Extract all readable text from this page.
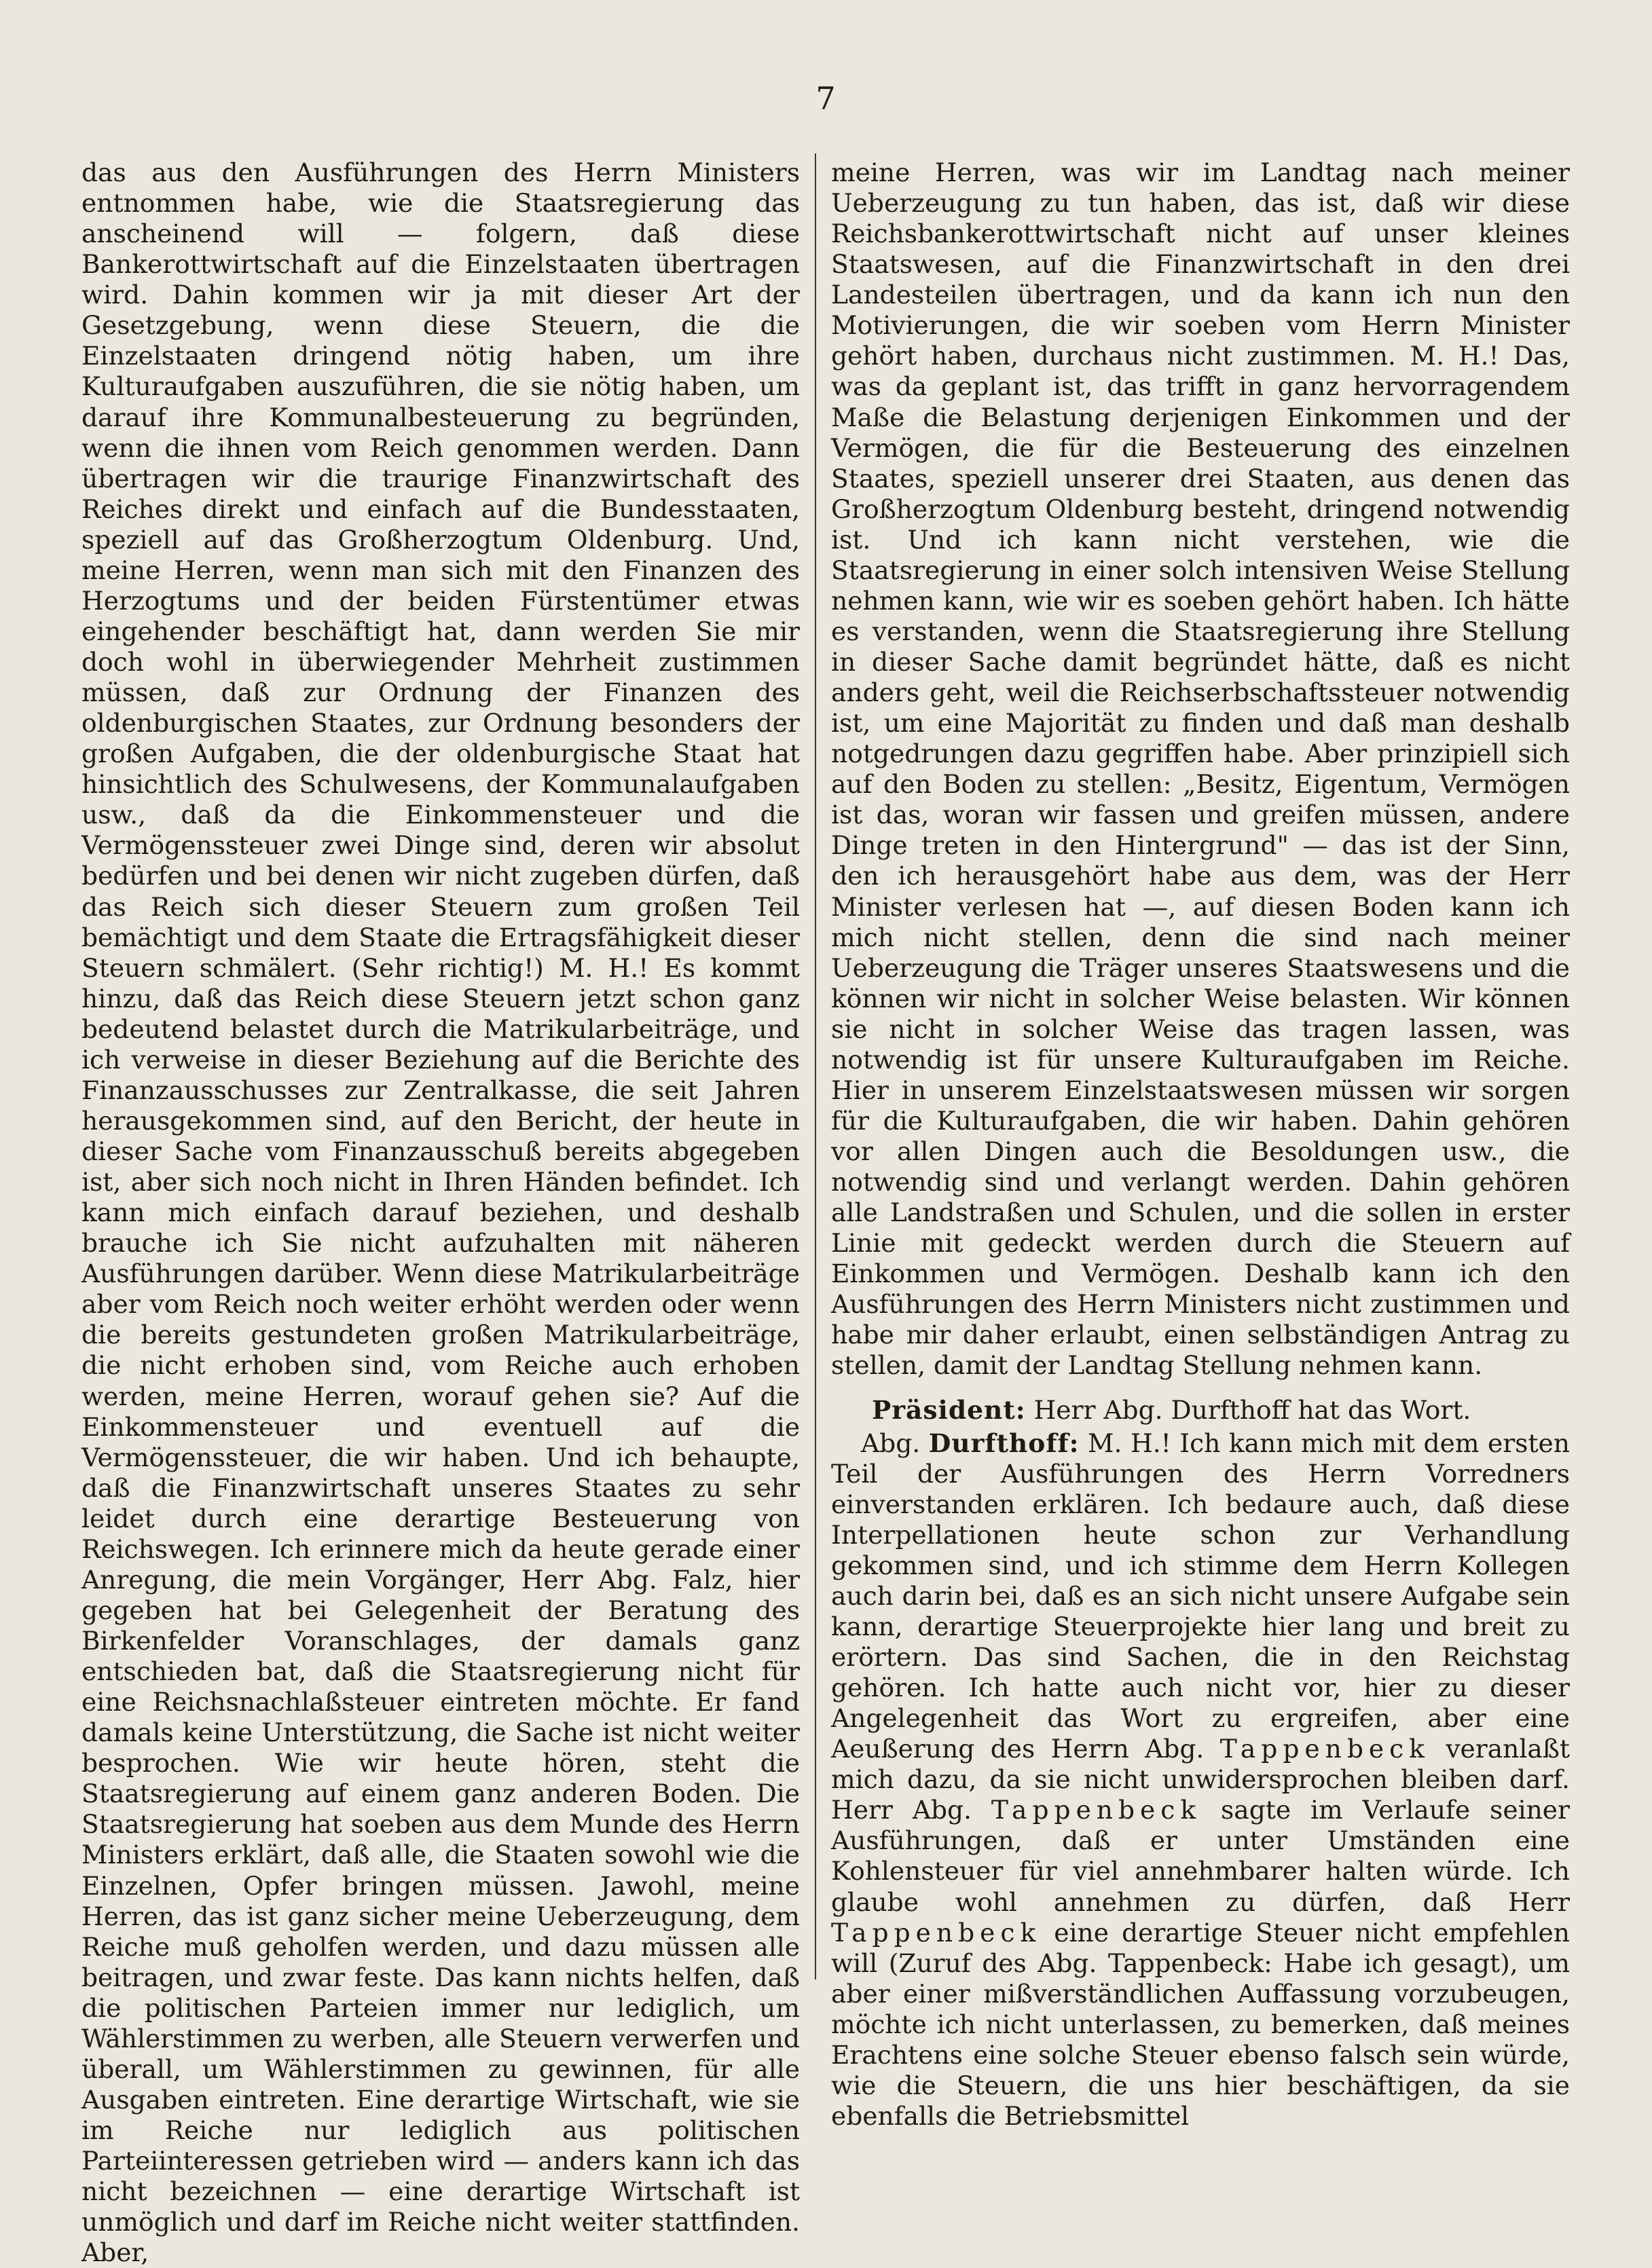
7

das aus den Ausführungen des Herrn Ministers entnommen habe, wie die Staatsregierung das anscheinend will — folgern, daß diese Bankerottwirtschaft auf die Einzelstaaten übertragen wird. Dahin kommen wir ja mit dieser Art der Gesetzgebung, wenn diese Steuern, die die Einzelstaaten dringend nötig haben, um ihre Kulturaufgaben auszuführen, die sie nötig haben, um darauf ihre Kommunalbesteuerung zu begründen, wenn die ihnen vom Reich genommen werden. Dann übertragen wir die traurige Finanzwirtschaft des Reiches direkt und einfach auf die Bundesstaaten, speziell auf das Großherzogtum Oldenburg. Und, meine Herren, wenn man sich mit den Finanzen des Herzogtums und der beiden Fürstentümer etwas eingehender beschäftigt hat, dann werden Sie mir doch wohl in überwiegender Mehrheit zustimmen müssen, daß zur Ordnung der Finanzen des oldenburgischen Staates, zur Ordnung besonders der großen Aufgaben, die der oldenburgische Staat hat hinsichtlich des Schulwesens, der Kommunalaufgaben usw., daß da die Einkommensteuer und die Vermögenssteuer zwei Dinge sind, deren wir absolut bedürfen und bei denen wir nicht zugeben dürfen, daß das Reich sich dieser Steuern zum großen Teil bemächtigt und dem Staate die Ertragsfähigkeit dieser Steuern schmälert. (Sehr richtig!) M. H.! Es kommt hinzu, daß das Reich diese Steuern jetzt schon ganz bedeutend belastet durch die Matrikularbeiträge, und ich verweise in dieser Beziehung auf die Berichte des Finanzausschusses zur Zentralkasse, die seit Jahren herausgekommen sind, auf den Bericht, der heute in dieser Sache vom Finanzausschuß bereits abgegeben ist, aber sich noch nicht in Ihren Händen befindet. Ich kann mich einfach darauf beziehen, und deshalb brauche ich Sie nicht aufzuhalten mit näheren Ausführungen darüber. Wenn diese Matrikularbeiträge aber vom Reich noch weiter erhöht werden oder wenn die bereits gestundeten großen Matrikularbeiträge, die nicht erhoben sind, vom Reiche auch erhoben werden, meine Herren, worauf gehen sie? Auf die Einkommensteuer und eventuell auf die Vermögenssteuer, die wir haben. Und ich behaupte, daß die Finanzwirtschaft unseres Staates zu sehr leidet durch eine derartige Besteuerung von Reichswegen. Ich erinnere mich da heute gerade einer Anregung, die mein Vorgänger, Herr Abg. Falz, hier gegeben hat bei Gelegenheit der Beratung des Birkenfelder Voranschlages, der damals ganz entschieden bat, daß die Staatsregierung nicht für eine Reichsnachlaßsteuer eintreten möchte. Er fand damals keine Unterstützung, die Sache ist nicht weiter besprochen. Wie wir heute hören, steht die Staatsregierung auf einem ganz anderen Boden. Die Staatsregierung hat soeben aus dem Munde des Herrn Ministers erklärt, daß alle, die Staaten sowohl wie die Einzelnen, Opfer bringen müssen. Jawohl, meine Herren, das ist ganz sicher meine Ueberzeugung, dem Reiche muß geholfen werden, und dazu müssen alle beitragen, und zwar feste. Das kann nichts helfen, daß die politischen Parteien immer nur lediglich, um Wählerstimmen zu werben, alle Steuern verwerfen und überall, um Wählerstimmen zu gewinnen, für alle Ausgaben eintreten. Eine derartige Wirtschaft, wie sie im Reiche nur lediglich aus politischen Parteiinteressen getrieben wird — anders kann ich das nicht bezeichnen — eine derartige Wirtschaft ist unmöglich und darf im Reiche nicht weiter stattfinden. Aber,

meine Herren, was wir im Landtag nach meiner Ueberzeugung zu tun haben, das ist, daß wir diese Reichsbankerottwirtschaft nicht auf unser kleines Staatswesen, auf die Finanzwirtschaft in den drei Landesteilen übertragen, und da kann ich nun den Motivierungen, die wir soeben vom Herrn Minister gehört haben, durchaus nicht zustimmen. M. H.! Das, was da geplant ist, das trifft in ganz hervorragendem Maße die Belastung derjenigen Einkommen und der Vermögen, die für die Besteuerung des einzelnen Staates, speziell unserer drei Staaten, aus denen das Großherzogtum Oldenburg besteht, dringend notwendig ist. Und ich kann nicht verstehen, wie die Staatsregierung in einer solch intensiven Weise Stellung nehmen kann, wie wir es soeben gehört haben. Ich hätte es verstanden, wenn die Staatsregierung ihre Stellung in dieser Sache damit begründet hätte, daß es nicht anders geht, weil die Reichserbschaftssteuer notwendig ist, um eine Majorität zu finden und daß man deshalb notgedrungen dazu gegriffen habe. Aber prinzipiell sich auf den Boden zu stellen: „Besitz, Eigentum, Vermögen ist das, woran wir fassen und greifen müssen, andere Dinge treten in den Hintergrund" — das ist der Sinn, den ich herausgehört habe aus dem, was der Herr Minister verlesen hat —, auf diesen Boden kann ich mich nicht stellen, denn die sind nach meiner Ueberzeugung die Träger unseres Staatswesens und die können wir nicht in solcher Weise belasten. Wir können sie nicht in solcher Weise das tragen lassen, was notwendig ist für unsere Kulturaufgaben im Reiche. Hier in unserem Einzelstaatswesen müssen wir sorgen für die Kulturaufgaben, die wir haben. Dahin gehören vor allen Dingen auch die Besoldungen usw., die notwendig sind und verlangt werden. Dahin gehören alle Landstraßen und Schulen, und die sollen in erster Linie mit gedeckt werden durch die Steuern auf Einkommen und Vermögen. Deshalb kann ich den Ausführungen des Herrn Ministers nicht zustimmen und habe mir daher erlaubt, einen selbständigen Antrag zu stellen, damit der Landtag Stellung nehmen kann.

Präsident: Herr Abg. Durfthoff hat das Wort.

Abg. Durfthoff: M. H.! Ich kann mich mit dem ersten Teil der Ausführungen des Herrn Vorredners einverstanden erklären. Ich bedaure auch, daß diese Interpellationen heute schon zur Verhandlung gekommen sind, und ich stimme dem Herrn Kollegen auch darin bei, daß es an sich nicht unsere Aufgabe sein kann, derartige Steuerprojekte hier lang und breit zu erörtern. Das sind Sachen, die in den Reichstag gehören. Ich hatte auch nicht vor, hier zu dieser Angelegenheit das Wort zu ergreifen, aber eine Aeußerung des Herrn Abg. Tappenbeck veranlaßt mich dazu, da sie nicht unwidersprochen bleiben darf. Herr Abg. Tappenbeck sagte im Verlaufe seiner Ausführungen, daß er unter Umständen eine Kohlensteuer für viel annehmbarer halten würde. Ich glaube wohl annehmen zu dürfen, daß Herr Tappenbeck eine derartige Steuer nicht empfehlen will (Zuruf des Abg. Tappenbeck: Habe ich gesagt), um aber einer mißverständlichen Auffassung vorzubeugen, möchte ich nicht unterlassen, zu bemerken, daß meines Erachtens eine solche Steuer ebenso falsch sein würde, wie die Steuern, die uns hier beschäftigen, da sie ebenfalls die Betriebsmittel
